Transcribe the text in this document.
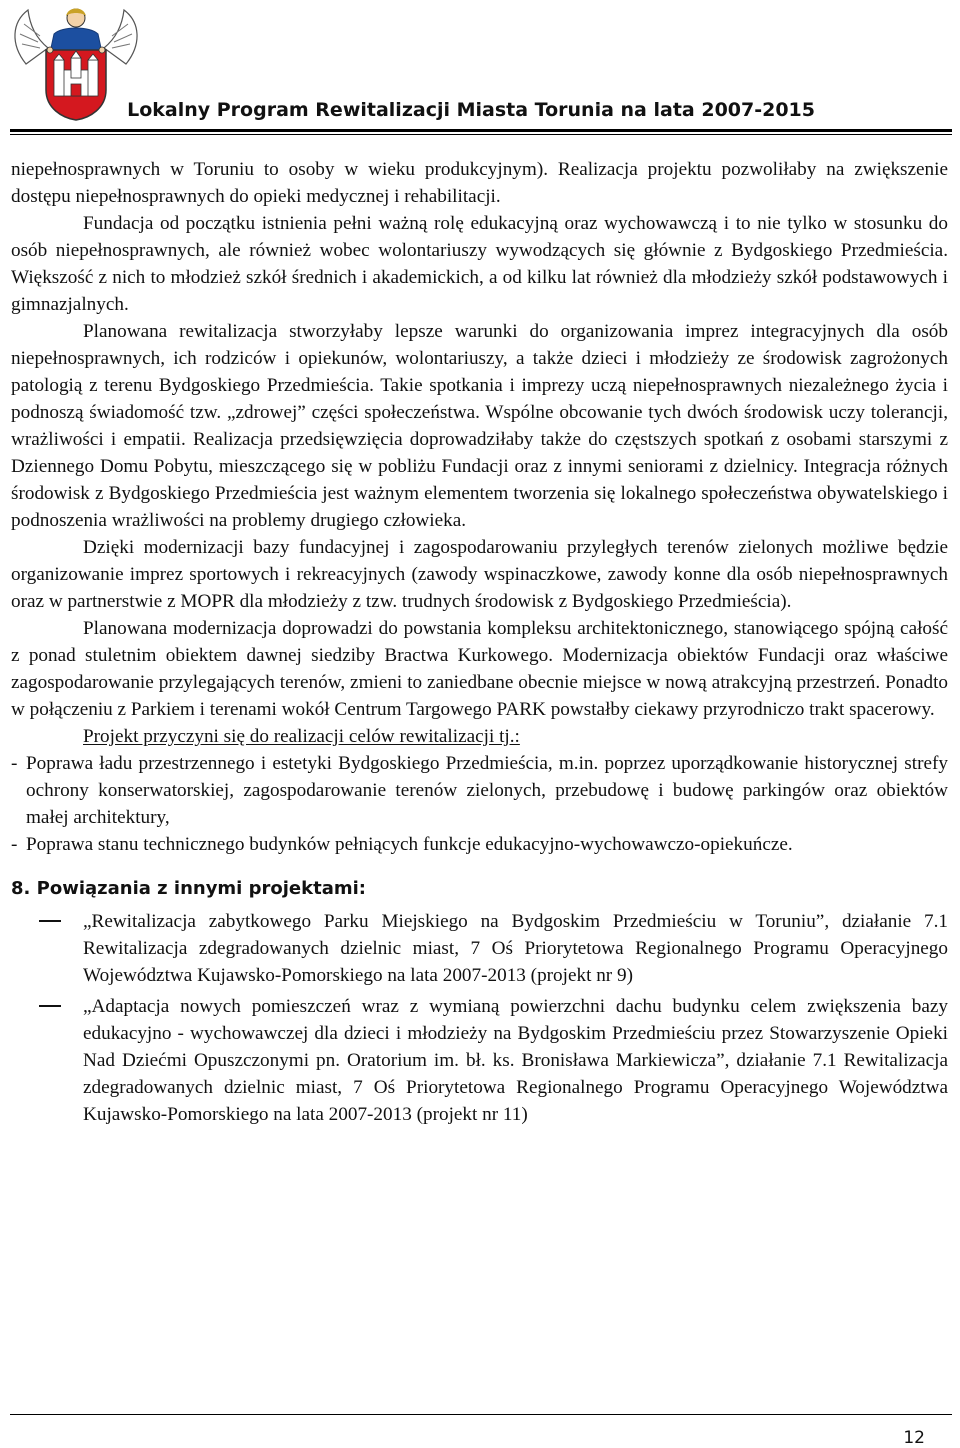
Lokalny Program Rewitalizacji Miasta Torunia na lata 2007-2015

niepełnosprawnych w Toruniu to osoby w wieku produkcyjnym). Realizacja projektu pozwoliłaby na zwiększenie dostępu niepełnosprawnych do opieki medycznej i rehabilitacji.

Fundacja od początku istnienia pełni ważną rolę edukacyjną oraz wychowawczą i to nie tylko w stosunku do osób niepełnosprawnych, ale również wobec wolontariuszy wywodzących się głównie z Bydgoskiego Przedmieścia. Większość z nich to młodzież szkół średnich i akademickich, a od kilku lat również dla młodzieży szkół podstawowych i gimnazjalnych.

Planowana rewitalizacja stworzyłaby lepsze warunki do organizowania imprez integracyjnych dla osób niepełnosprawnych, ich rodziców i opiekunów, wolontariuszy, a także dzieci i młodzieży ze środowisk zagrożonych patologią z terenu Bydgoskiego Przedmieścia. Takie spotkania i imprezy uczą niepełnosprawnych niezależnego życia i podnoszą świadomość tzw. „zdrowej” części społeczeństwa. Wspólne obcowanie tych dwóch środowisk uczy tolerancji, wrażliwości i empatii. Realizacja przedsięwzięcia doprowadziłaby także do częstszych spotkań z osobami starszymi z Dziennego Domu Pobytu, mieszczącego się w pobliżu Fundacji oraz z innymi seniorami z dzielnicy. Integracja różnych środowisk z Bydgoskiego Przedmieścia jest ważnym elementem tworzenia się lokalnego społeczeństwa obywatelskiego i podnoszenia wrażliwości na problemy drugiego człowieka.

Dzięki modernizacji bazy fundacyjnej i zagospodarowaniu przyległych terenów zielonych możliwe będzie organizowanie imprez sportowych i rekreacyjnych (zawody wspinaczkowe, zawody konne dla osób niepełnosprawnych oraz w partnerstwie z MOPR dla młodzieży z tzw. trudnych środowisk z Bydgoskiego Przedmieścia).

Planowana modernizacja doprowadzi do powstania kompleksu architektonicznego, stanowiącego spójną całość z ponad stuletnim obiektem dawnej siedziby Bractwa Kurkowego. Modernizacja obiektów Fundacji oraz właściwe zagospodarowanie przylegających terenów, zmieni to zaniedbane obecnie miejsce w nową atrakcyjną przestrzeń. Ponadto w połączeniu z Parkiem i terenami wokół Centrum Targowego PARK powstałby ciekawy przyrodniczo trakt spacerowy.

Projekt przyczyni się do realizacji celów rewitalizacji tj.:

- Poprawa ładu przestrzennego i estetyki Bydgoskiego Przedmieścia, m.in. poprzez uporządkowanie historycznej strefy ochrony konserwatorskiej, zagospodarowanie terenów zielonych, przebudowę i budowę parkingów oraz obiektów małej architektury,
- Poprawa stanu technicznego budynków pełniących funkcje edukacyjno-wychowawczo-opiekuńcze.
8. Powiązania z innymi projektami:
„Rewitalizacja zabytkowego Parku Miejskiego na Bydgoskim Przedmieściu w Toruniu”, działanie 7.1 Rewitalizacja zdegradowanych dzielnic miast, 7 Oś Priorytetowa Regionalnego Programu Operacyjnego Województwa Kujawsko-Pomorskiego na lata 2007-2013 (projekt nr 9)
„Adaptacja nowych pomieszczeń wraz z wymianą powierzchni dachu budynku celem zwiększenia bazy edukacyjno - wychowawczej dla dzieci i młodzieży na Bydgoskim Przedmieściu przez Stowarzyszenie Opieki Nad Dziećmi Opuszczonymi pn. Oratorium im. bł. ks. Bronisława Markiewicza”, działanie 7.1 Rewitalizacja zdegradowanych dzielnic miast, 7 Oś Priorytetowa Regionalnego Programu Operacyjnego Województwa Kujawsko-Pomorskiego na lata 2007-2013 (projekt nr 11)
12
